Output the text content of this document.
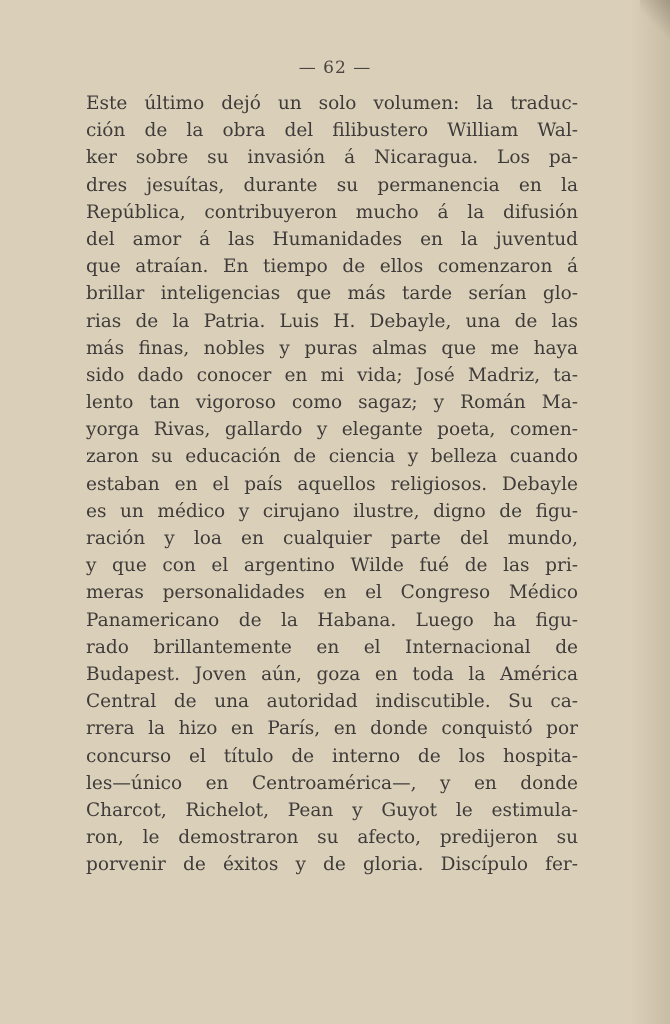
— 62 —
Este último dejó un solo volumen: la traduc-
ción de la obra del filibustero William Wal-
ker sobre su invasión á Nicaragua. Los pa-
dres jesuítas, durante su permanencia en la
República, contribuyeron mucho á la difusión
del amor á las Humanidades en la juventud
que atraían. En tiempo de ellos comenzaron á
brillar inteligencias que más tarde serían glo-
rias de la Patria. Luis H. Debayle, una de las
más finas, nobles y puras almas que me haya
sido dado conocer en mi vida; José Madriz, ta-
lento tan vigoroso como sagaz; y Román Ma-
yorga Rivas, gallardo y elegante poeta, comen-
zaron su educación de ciencia y belleza cuando
estaban en el país aquellos religiosos. Debayle
es un médico y cirujano ilustre, digno de figu-
ración y loa en cualquier parte del mundo,
y que con el argentino Wilde fué de las pri-
meras personalidades en el Congreso Médico
Panamericano de la Habana. Luego ha figu-
rado brillantemente en el Internacional de
Budapest. Joven aún, goza en toda la América
Central de una autoridad indiscutible. Su ca-
rrera la hizo en París, en donde conquistó por
concurso el título de interno de los hospita-
les—único en Centroamérica—, y en donde
Charcot, Richelot, Pean y Guyot le estimula-
ron, le demostraron su afecto, predijeron su
porvenir de éxitos y de gloria. Discípulo fer-
